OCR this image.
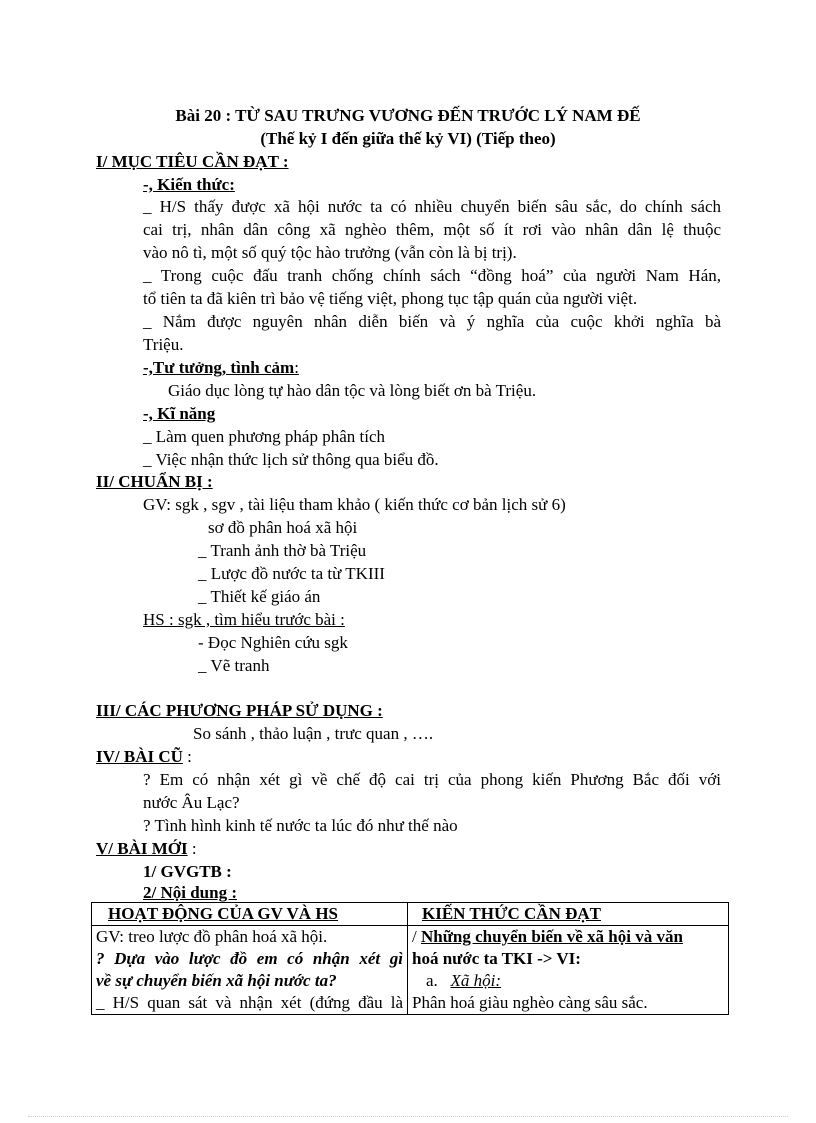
Bài 20 : TỪ SAU TRƯNG VƯƠNG ĐẾN TRƯỚC LÝ NAM ĐẾ
(Thế kỷ I đến giữa thế kỷ VI) (Tiếp theo)
I/ MỤC TIÊU CẦN ĐẠT :
-, Kiến thức:
_ H/S thấy được xã hội nước ta có nhiều chuyển biến sâu sắc, do chính sách
cai trị, nhân dân công xã nghèo thêm, một số ít rơi vào nhân dân lệ thuộc
vào nô tì, một số quý tộc hào trưởng (vẫn còn là bị trị).
_ Trong cuộc đấu tranh chống chính sách “đồng hoá” của người Nam Hán,
tổ tiên ta đã kiên trì bảo vệ tiếng việt, phong tục tập quán của người việt.
_ Nắm được nguyên nhân diễn biến và ý nghĩa của cuộc khởi nghĩa bà
Triệu.
-,Tư tưởng, tình cảm:
Giáo dục lòng tự hào dân tộc và lòng biết ơn bà Triệu.
-, Kĩ năng
_ Làm quen phương pháp phân tích
_ Việc nhận thức lịch sử thông qua biểu đồ.
II/ CHUẨN BỊ :
GV: sgk , sgv , tài liệu tham khảo ( kiến thức cơ bản lịch sử 6)
sơ đồ phân hoá xã hội
_ Tranh ảnh thờ bà Triệu
_ Lược đồ nước ta từ TKIII
_ Thiết kế giáo án
HS : sgk , tìm hiểu trước bài :
- Đọc Nghiên cứu sgk
_ Vẽ tranh
III/ CÁC PHƯƠNG PHÁP SỬ DỤNG :
So sánh , thảo luận , trưc quan , ….
IV/ BÀI CŨ :
? Em có nhận xét gì về chế độ cai trị của phong kiến Phương Bắc đối với
nước Âu Lạc?
? Tình hình kinh tế nước ta lúc đó như thế nào
V/ BÀI MỚI :
1/ GVGTB :
2/ Nội dung :
HOẠT ĐỘNG CỦA GV VÀ HS	KIẾN THỨC CẦN ĐẠT

GV: treo lược đồ phân hoá xã hội.
? Dựa vào lược đồ em có nhận xét gì
về sự chuyển biến xã hội nước ta?
_ H/S quan sát và nhận xét (đứng đầu là	/ Những chuyển biến về xã hội và văn
hoá nước ta TKI -> VI:
a. Xã hội:
Phân hoá giàu nghèo càng sâu sắc.
